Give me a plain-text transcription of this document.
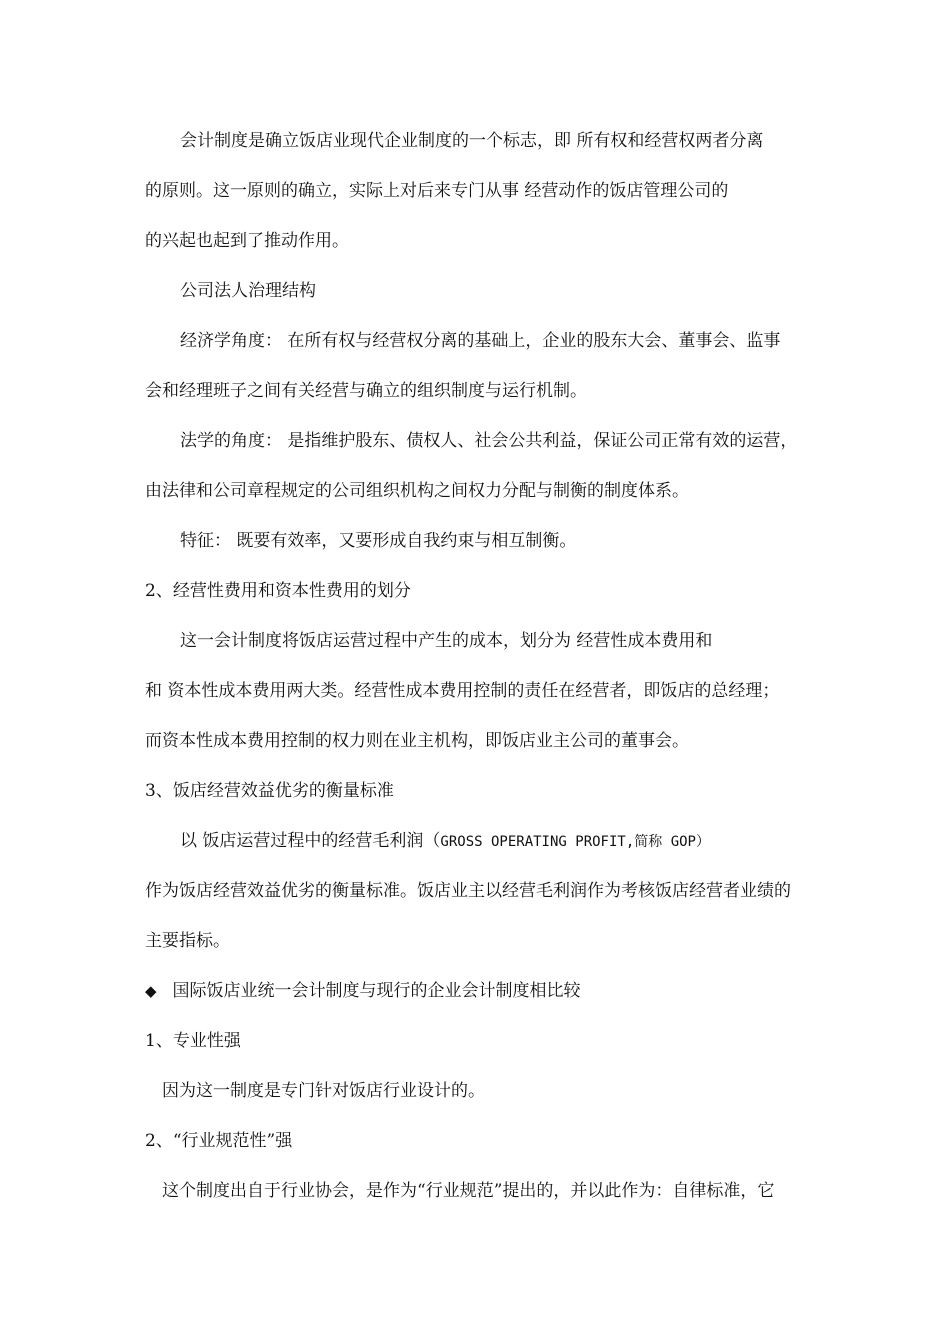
会计制度是确立饭店业现代企业制度的一个标志，即 所有权和经营权两者分离
的原则。这一原则的确立，实际上对后来专门从事 经营动作的饭店管理公司的
的兴起也起到了推动作用。
公司法人治理结构
经济学角度： 在所有权与经营权分离的基础上，企业的股东大会、董事会、监事
会和经理班子之间有关经营与确立的组织制度与运行机制。
法学的角度： 是指维护股东、债权人、社会公共利益，保证公司正常有效的运营，
由法律和公司章程规定的公司组织机构之间权力分配与制衡的制度体系。
特征： 既要有效率，又要形成自我约束与相互制衡。
2、经营性费用和资本性费用的划分
这一会计制度将饭店运营过程中产生的成本，划分为 经营性成本费用和
和 资本性成本费用两大类。经营性成本费用控制的责任在经营者，即饭店的总经理；
而资本性成本费用控制的权力则在业主机构，即饭店业主公司的董事会。
3、饭店经营效益优劣的衡量标准
以 饭店运营过程中的经营毛利润（GROSS OPERATING PROFIT,简称 GOP）
作为饭店经营效益优劣的衡量标准。饭店业主以经营毛利润作为考核饭店经营者业绩的
主要指标。
◆ 国际饭店业统一会计制度与现行的企业会计制度相比较
1、专业性强
因为这一制度是专门针对饭店行业设计的。
2、“行业规范性”强
这个制度出自于行业协会，是作为“行业规范”提出的，并以此作为：自律标准，它
